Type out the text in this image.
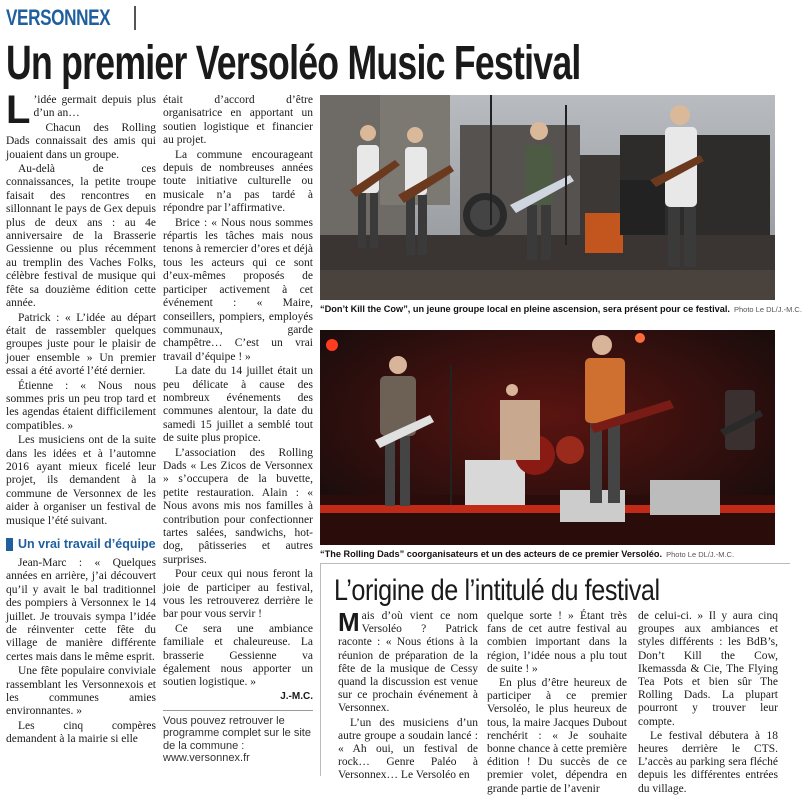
VERSONNEX
Un premier Versoléo Music Festival

L ’idée germait depuis plus d’un an…

Chacun des Rolling Dads connaissait des amis qui jouaient dans un groupe.

Au-delà de ces connaissances, la petite troupe faisait des rencontres en sillonnant le pays de Gex depuis plus de deux ans : au 4e anniversaire de la Brasserie Gessienne ou plus récemment au tremplin des Vaches Folks, célèbre festival de musique qui fête sa douzième édition cette année.

Patrick : « L’idée au départ était de rassembler quelques groupes juste pour le plaisir de jouer ensemble » Un premier essai a été avorté l’été dernier.

Étienne : « Nous nous sommes pris un peu trop tard et les agendas étaient difficilement compatibles. »

Les musiciens ont de la suite dans les idées et à l’automne 2016 ayant mieux ficelé leur projet, ils demandent à la commune de Versonnex de les aider à organiser un festival de musique l’été suivant.

Un vrai travail d’équipe

Jean-Marc : « Quelques années en arrière, j’ai découvert qu’il y avait le bal traditionnel des pompiers à Versonnex le 14 juillet. Je trouvais sympa l’idée de réinventer cette fête du village de manière différente certes mais dans le même esprit.

Une fête populaire conviviale rassemblant les Versonnexois et les communes amies environnantes. »

Les cinq compères demandent à la mairie si elle

était d’accord d’être organisatrice en apportant un soutien logistique et financier au projet.

La commune encourageant depuis de nombreuses années toute initiative culturelle ou musicale n’a pas tardé à répondre par l’affirmative.

Brice : « Nous nous sommes répartis les tâches mais nous tenons à remercier d’ores et déjà tous les acteurs qui ce sont d’eux-mêmes proposés de participer activement à cet événement : « Maire, conseillers, pompiers, employés communaux, garde champêtre… C’est un vrai travail d’équipe ! »

La date du 14 juillet était un peu délicate à cause des nombreux événements des communes alentour, la date du samedi 15 juillet a semblé tout de suite plus propice.

L’association des Rolling Dads « Les Zicos de Versonnex » s’occupera de la buvette, petite restauration. Alain : « Nous avons mis nos familles à contribution pour confectionner tartes salées, sandwichs, hot-dog, pâtisseries et autres surprises.

Pour ceux qui nous feront la joie de participer au festival, vous les retrouverez derrière le bar pour vous servir !

Ce sera une ambiance familiale et chaleureuse. La brasserie Gessienne va également nous apporter un soutien logistique. »

J.-M.C.
Vous pouvez retrouver le programme complet sur le site de la commune : www.versonnex.fr
“Don’t Kill the Cow”, un jeune groupe local en pleine ascension, sera présent pour ce festival. Photo Le DL/J.-M.C.
“The Rolling Dads” coorganisateurs et un des acteurs de ce premier Versoléo. Photo Le DL/J.-M.C.
L’origine de l’intitulé du festival

Mais d’où vient ce nom Versoléo ? Patrick raconte : « Nous étions à la réunion de préparation de la fête de la musique de Cessy quand la discussion est venue sur ce prochain événement à Versonnex.

L’un des musiciens d’un autre groupe a soudain lancé : « Ah oui, un festival de rock… Genre Paléo à Versonnex… Le Versoléo en

quelque sorte ! » Étant très fans de cet autre festival au combien important dans la région, l’idée nous a plu tout de suite ! »

En plus d’être heureux de participer à ce premier Versoléo, le plus heureux de tous, la maire Jacques Dubout renchérit : « Je souhaite bonne chance à cette première édition ! Du succès de ce premier volet, dépendra en grande partie de l’avenir

de celui-ci. » Il y aura cinq groupes aux ambiances et styles différents : les BdB’s, Don’t Kill the Cow, Ikemassda & Cie, The Flying Tea Pots et bien sûr The Rolling Dads. La plupart pourront y trouver leur compte.

Le festival débutera à 18 heures derrière le CTS. L’accès au parking sera fléché depuis les différentes entrées du village.
